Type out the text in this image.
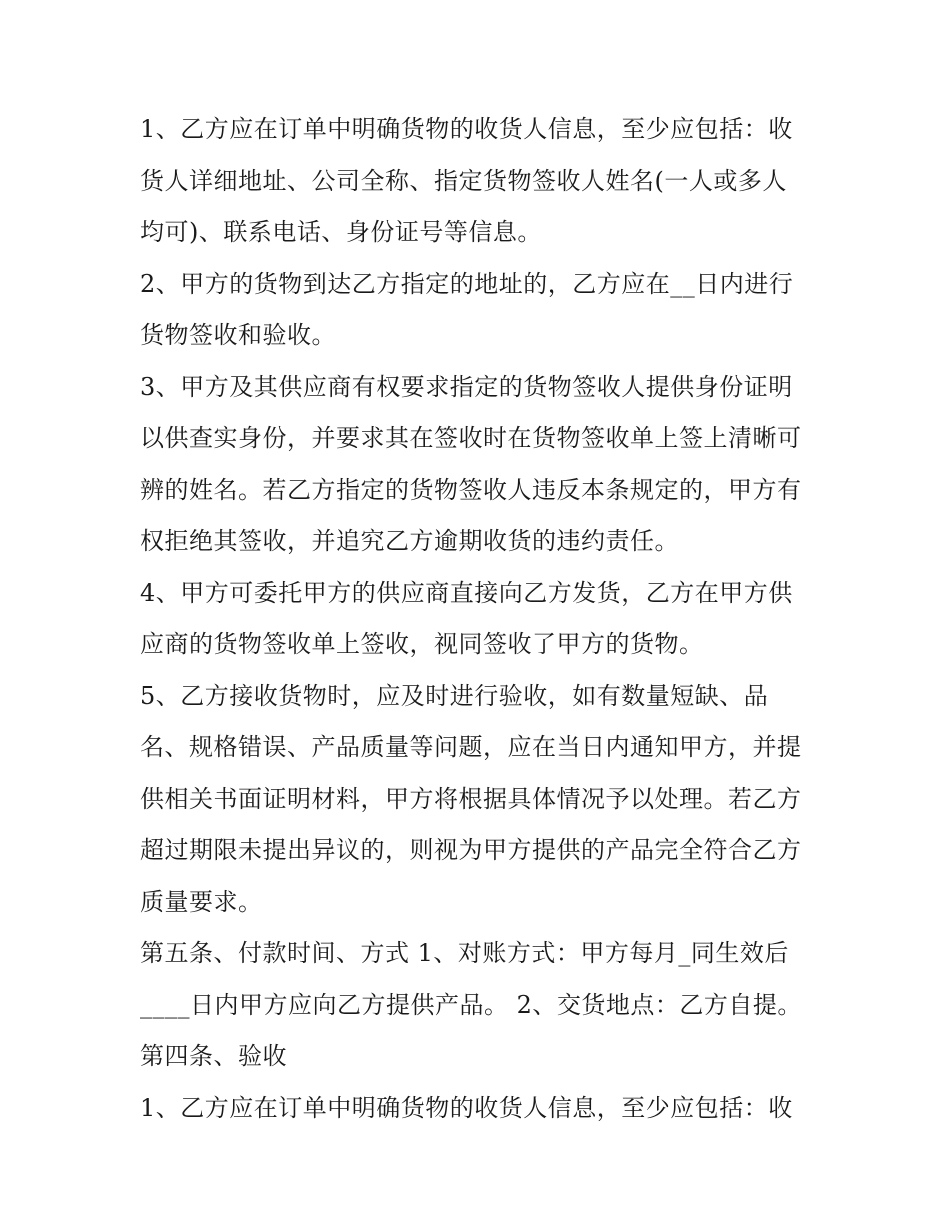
1、乙方应在订单中明确货物的收货人信息，至少应包括：收
货人详细地址、公司全称、指定货物签收人姓名(一人或多人
均可)、联系电话、身份证号等信息。
2、甲方的货物到达乙方指定的地址的，乙方应在__日内进行
货物签收和验收。
3、甲方及其供应商有权要求指定的货物签收人提供身份证明
以供查实身份，并要求其在签收时在货物签收单上签上清晰可
辨的姓名。若乙方指定的货物签收人违反本条规定的，甲方有
权拒绝其签收，并追究乙方逾期收货的违约责任。
4、甲方可委托甲方的供应商直接向乙方发货，乙方在甲方供
应商的货物签收单上签收，视同签收了甲方的货物。
5、乙方接收货物时，应及时进行验收，如有数量短缺、品
名、规格错误、产品质量等问题，应在当日内通知甲方，并提
供相关书面证明材料，甲方将根据具体情况予以处理。若乙方
超过期限未提出异议的，则视为甲方提供的产品完全符合乙方
质量要求。
第五条、付款时间、方式 1、对账方式：甲方每月_同生效后
____日内甲方应向乙方提供产品。 2、交货地点：乙方自提。
第四条、验收
1、乙方应在订单中明确货物的收货人信息，至少应包括：收
